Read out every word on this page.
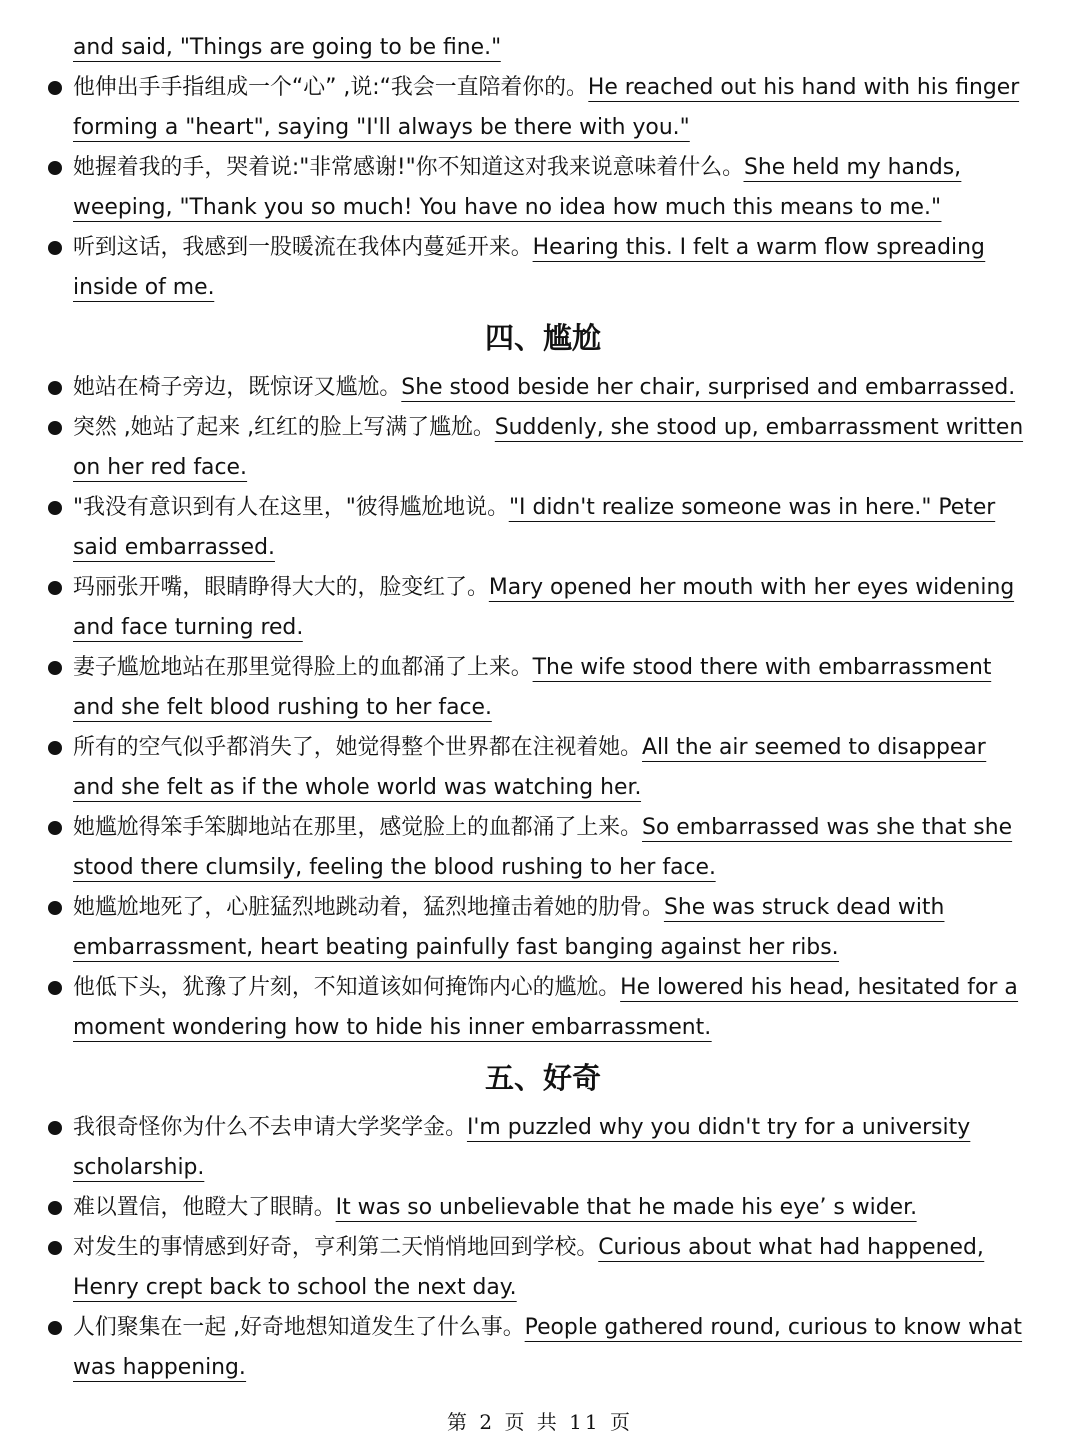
and said, "Things are going to be fine."
他伸出手手指组成一个“心” ,说:“我会一直陪着你的。He reached out his hand with his finger
forming a "heart", saying "I'll always be there with you."
她握着我的手，哭着说:"非常感谢!"你不知道这对我来说意味着什么。She held my hands,
weeping, "Thank you so much! You have no idea how much this means to me."
听到这话，我感到一股暖流在我体内蔓延开来。Hearing this. I felt a warm flow spreading
inside of me.
四、尴尬
她站在椅子旁边，既惊讶又尴尬。She stood beside her chair, surprised and embarrassed.
突然 ,她站了起来 ,红红的脸上写满了尴尬。Suddenly, she stood up, embarrassment written
on her red face.
"我没有意识到有人在这里，"彼得尴尬地说。"I didn't realize someone was in here." Peter
said embarrassed.
玛丽张开嘴，眼睛睁得大大的，脸变红了。Mary opened her mouth with her eyes widening
and face turning red.
妻子尴尬地站在那里觉得脸上的血都涌了上来。The wife stood there with embarrassment
and she felt blood rushing to her face.
所有的空气似乎都消失了，她觉得整个世界都在注视着她。All the air seemed to disappear
and she felt as if the whole world was watching her.
她尴尬得笨手笨脚地站在那里，感觉脸上的血都涌了上来。So embarrassed was she that she
stood there clumsily, feeling the blood rushing to her face.
她尴尬地死了，心脏猛烈地跳动着，猛烈地撞击着她的肋骨。She was struck dead with
embarrassment, heart beating painfully fast banging against her ribs.
他低下头，犹豫了片刻，不知道该如何掩饰内心的尴尬。He lowered his head, hesitated for a
moment wondering how to hide his inner embarrassment.
五、好奇
我很奇怪你为什么不去申请大学奖学金。I'm puzzled why you didn't try for a university
scholarship.
难以置信，他瞪大了眼睛。It was so unbelievable that he made his eye’ s wider.
对发生的事情感到好奇，亨利第二天悄悄地回到学校。Curious about what had happened,
Henry crept back to school the next day.
人们聚集在一起 ,好奇地想知道发生了什么事。People gathered round, curious to know what
was happening.
第 2 页 共 11 页
